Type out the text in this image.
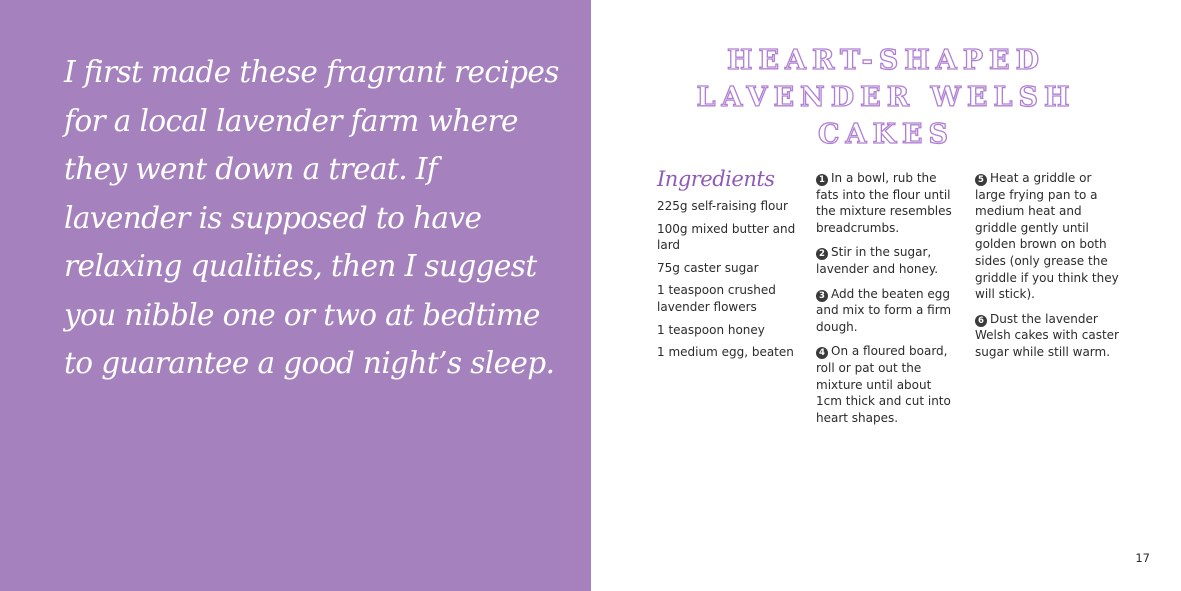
I first made these fragrant recipes for a local lavender farm where they went down a treat. If lavender is supposed to have relaxing qualities, then I suggest you nibble one or two at bedtime to guarantee a good night’s sleep.

HEART-SHAPED
LAVENDER WELSH
CAKES
Ingredients
225g self-raising flour
100g mixed butter and lard
75g caster sugar
1 teaspoon crushed lavender flowers
1 teaspoon honey
1 medium egg, beaten
1 In a bowl, rub the fats into the flour until the mixture resembles breadcrumbs.
2 Stir in the sugar, lavender and honey.
3 Add the beaten egg and mix to form a firm dough.
4 On a floured board, roll or pat out the mixture until about 1cm thick and cut into heart shapes.
5 Heat a griddle or large frying pan to a medium heat and griddle gently until golden brown on both sides (only grease the griddle if you think they will stick).
6 Dust the lavender Welsh cakes with caster sugar while still warm.
17
